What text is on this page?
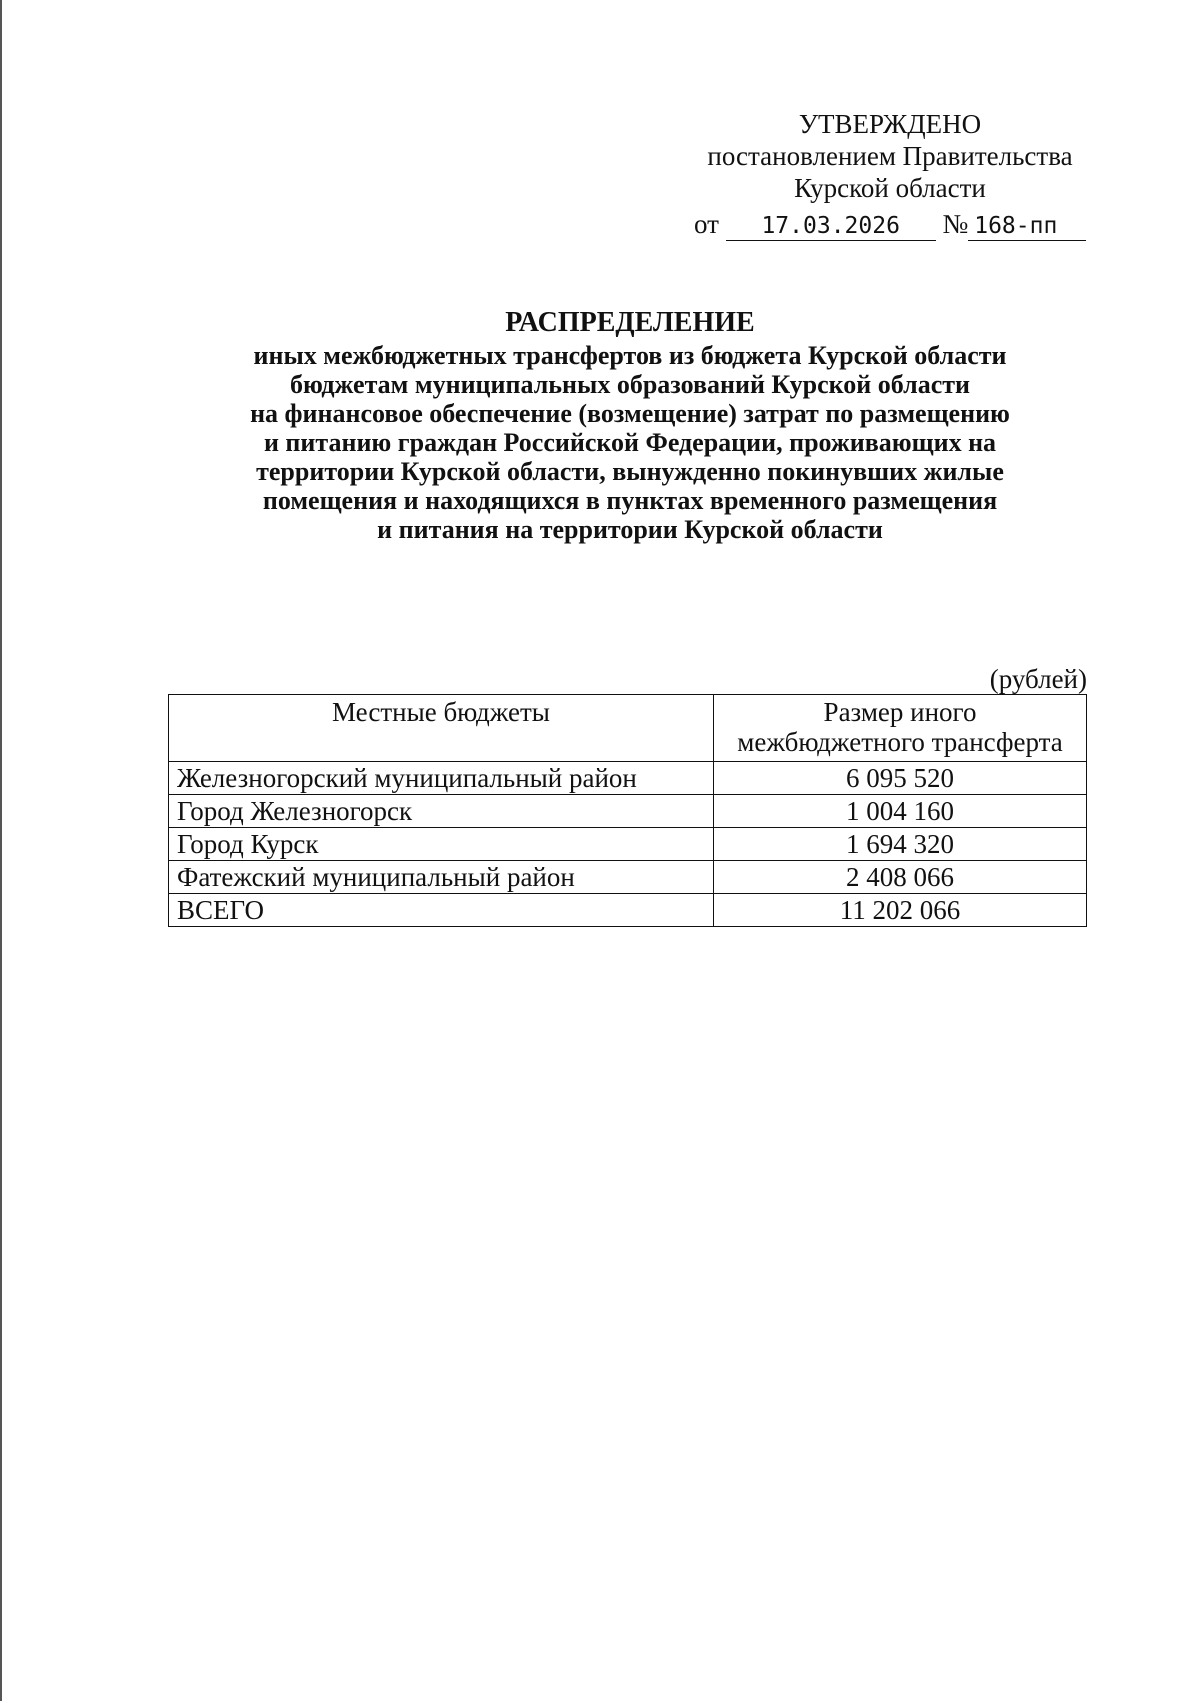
УТВЕРЖДЕНО
постановлением Правительства
Курской области
от 17.03.2026 № 168-пп
РАСПРЕДЕЛЕНИЕ
иных межбюджетных трансфертов из бюджета Курской области
бюджетам муниципальных образований Курской области
на финансовое обеспечение (возмещение) затрат по размещению
и питанию граждан Российской Федерации, проживающих на
территории Курской области, вынужденно покинувших жилые
помещения и находящихся в пунктах временного размещения
и питания на территории Курской области
(рублей)
Местные бюджеты	Размер иного
межбюджетного трансферта
Железногорский муниципальный район	6 095 520
Город Железногорск	1 004 160
Город Курск	1 694 320
Фатежский муниципальный район	2 408 066
ВСЕГО	11 202 066
